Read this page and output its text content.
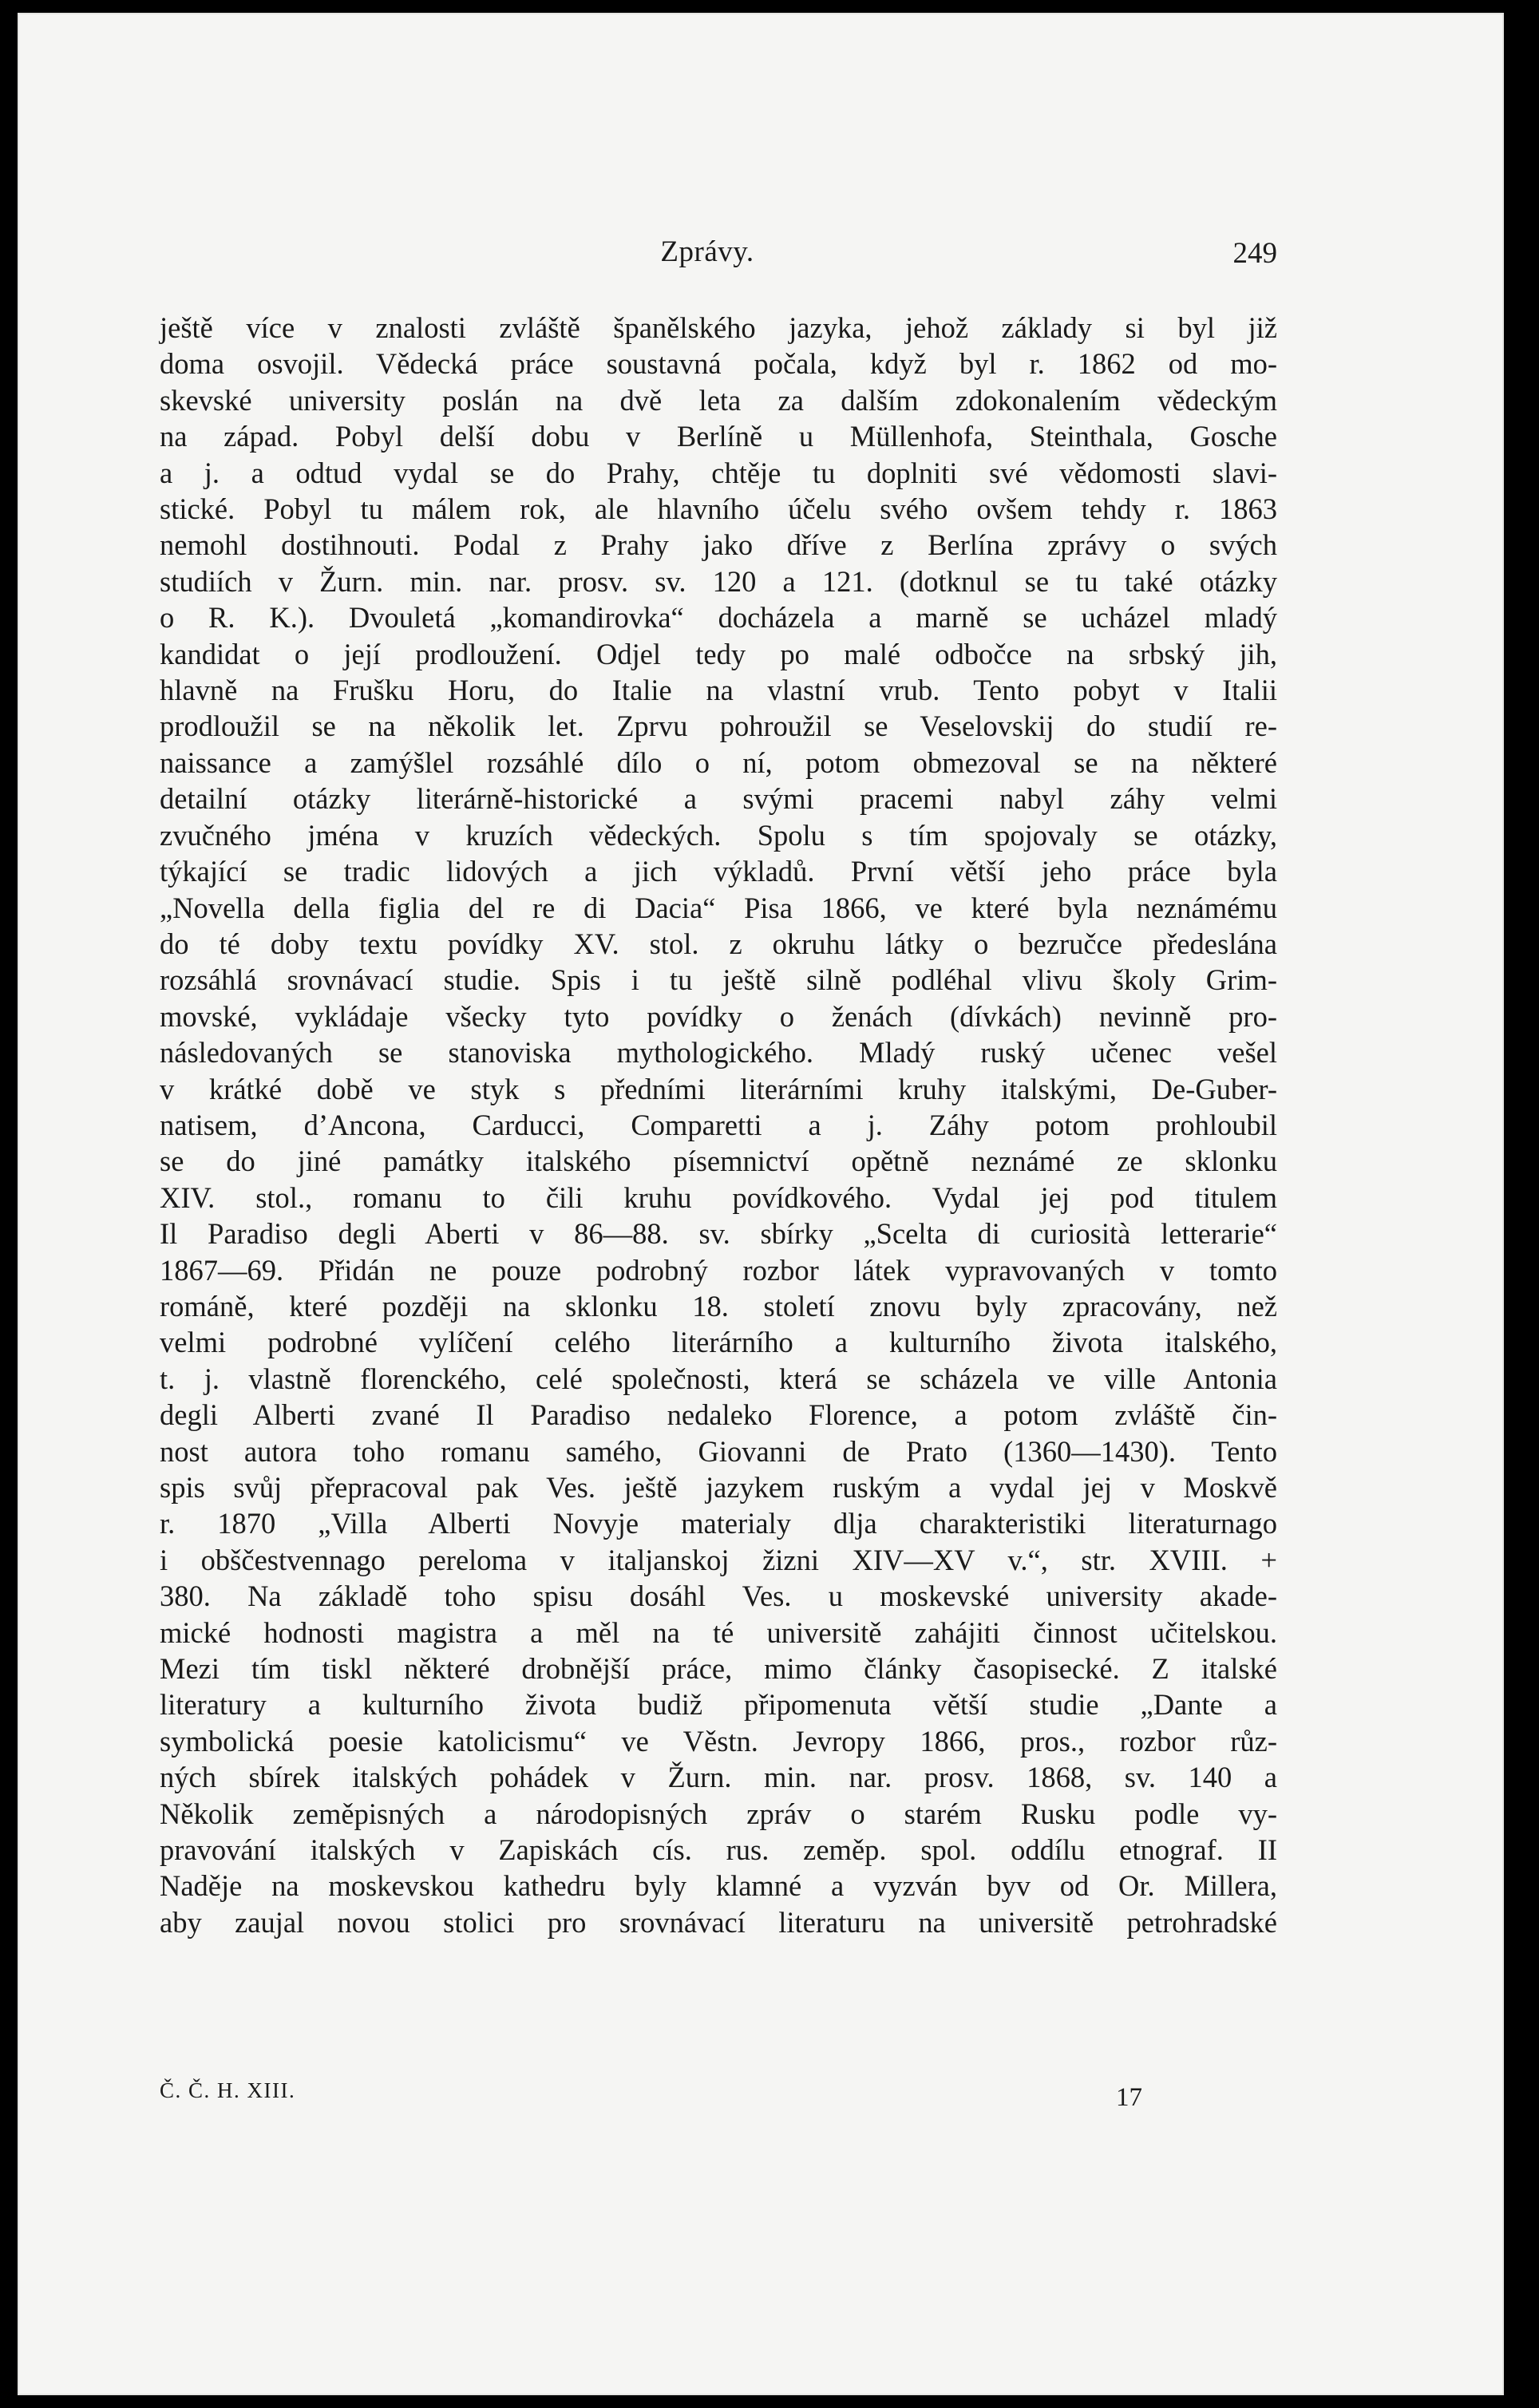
Zprávy.	249

ještě více v znalosti zvláště španělského jazyka, jehož základy si byl již
doma osvojil. Vědecká práce soustavná počala, když byl r. 1862 od mo-
skevské university poslán na dvě leta za dalším zdokonalením vědeckým
na západ. Pobyl delší dobu v Berlíně u Müllenhofa, Steinthala, Gosche
a j. a odtud vydal se do Prahy, chtěje tu doplniti své vědomosti slavi-
stické. Pobyl tu málem rok, ale hlavního účelu svého ovšem tehdy r. 1863
nemohl dostihnouti. Podal z Prahy jako dříve z Berlína zprávy o svých
studiích v Žurn. min. nar. prosv. sv. 120 a 121. (dotknul se tu také otázky
o R. K.). Dvouletá „komandirovka“ docházela a marně se ucházel mladý
kandidat o její prodloužení. Odjel tedy po malé odbočce na srbský jih,
hlavně na Frušku Horu, do Italie na vlastní vrub. Tento pobyt v Italii
prodloužil se na několik let. Zprvu pohroužil se Veselovskij do studií re-
naissance a zamýšlel rozsáhlé dílo o ní, potom obmezoval se na některé
detailní otázky literárně-historické a svými pracemi nabyl záhy velmi
zvučného jména v kruzích vědeckých. Spolu s tím spojovaly se otázky,
týkající se tradic lidových a jich výkladů. První větší jeho práce byla
„Novella della figlia del re di Dacia“ Pisa 1866, ve které byla neznámému
do té doby textu povídky XV. stol. z okruhu látky o bezručce předeslána
rozsáhlá srovnávací studie. Spis i tu ještě silně podléhal vlivu školy Grim-
movské, vykládaje všecky tyto povídky o ženách (dívkách) nevinně pro-
následovaných se stanoviska mythologického. Mladý ruský učenec vešel
v krátké době ve styk s předními literárními kruhy italskými, De-Guber-
natisem, d’Ancona, Carducci, Comparetti a j. Záhy potom prohloubil
se do jiné památky italského písemnictví opětně neznámé ze sklonku
XIV. stol., romanu to čili kruhu povídkového. Vydal jej pod titulem
Il Paradiso degli Aberti v 86—88. sv. sbírky „Scelta di curiosità letterarie“
1867—69. Přidán ne pouze podrobný rozbor látek vypravovaných v tomto
románě, které později na sklonku 18. století znovu byly zpracovány, než
velmi podrobné vylíčení celého literárního a kulturního života italského,
t. j. vlastně florenckého, celé společnosti, která se scházela ve ville Antonia
degli Alberti zvané Il Paradiso nedaleko Florence, a potom zvláště čin-
nost autora toho romanu samého, Giovanni de Prato (1360—1430). Tento
spis svůj přepracoval pak Ves. ještě jazykem ruským a vydal jej v Moskvě
r. 1870 „Villa Alberti Novyje materialy dlja charakteristiki literaturnago
i obščestvennago pereloma v italjanskoj žizni XIV—XV v.“, str. XVIII. +
380. Na základě toho spisu dosáhl Ves. u moskevské university akade-
mické hodnosti magistra a měl na té universitě zahájiti činnost učitelskou.
Mezi tím tiskl některé drobnější práce, mimo články časopisecké. Z italské
literatury a kulturního života budiž připomenuta větší studie „Dante a
symbolická poesie katolicismu“ ve Věstn. Jevropy 1866, pros., rozbor růz-
ných sbírek italských pohádek v Žurn. min. nar. prosv. 1868, sv. 140 a
Několik zeměpisných a národopisných zpráv o starém Rusku podle vy-
pravování italských v Zapiskách cís. rus. zeměp. spol. oddílu etnograf. II
Naděje na moskevskou kathedru byly klamné a vyzván byv od Or. Millera,
aby zaujal novou stolici pro srovnávací literaturu na universitě petrohradské

Č. Č. H. XIII.	17
